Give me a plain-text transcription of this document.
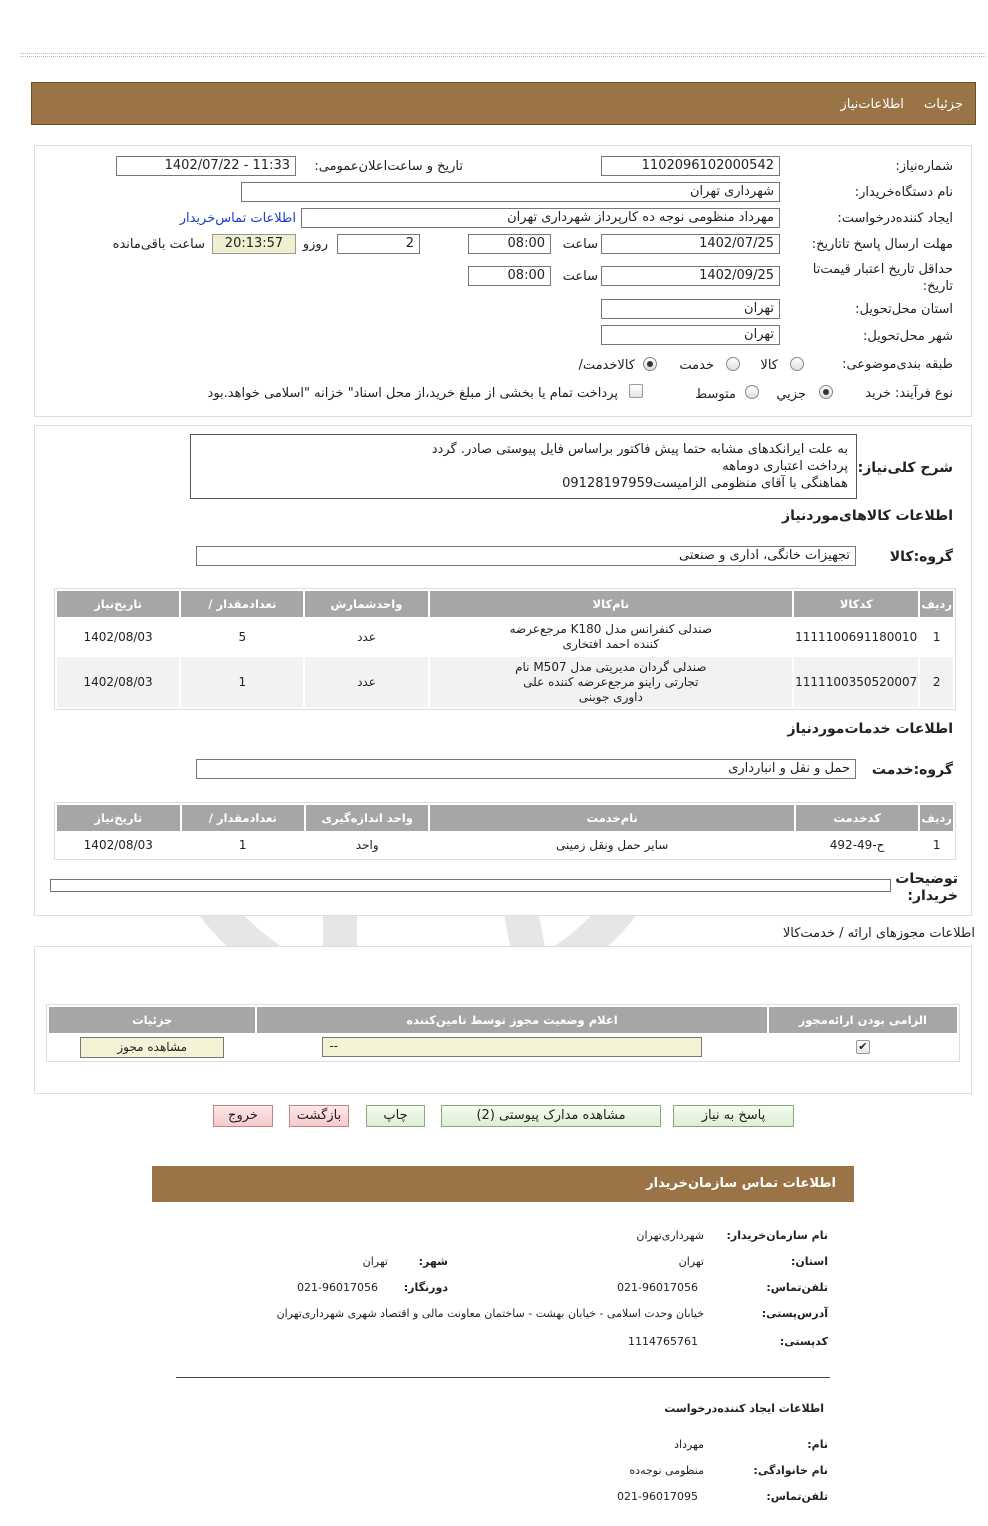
جزئیات اطلاعات‌نیاز
شماره‌نیاز:
1102096102000542
تاریخ و ساعت‌اعلان‌عمومی:
1402/07/22 - 11:33
نام دستگاه‌خریدار:
شهرداری تهران
ایجاد کننده‌درخواست:
مهرداد منظومی نوجه ده کارپرداز شهرداری تهران
اطلاعات تماس‌خریدار
مهلت ارسال پاسخ تا‌تاریخ:
1402/07/25
ساعت
08:00
2
روزو
20:13:57
ساعت باقی‌مانده
حداقل تاریخ اعتبار قیمت‌تا تاریخ:
1402/09/25
ساعت
08:00
استان محل‌تحویل:
تهران
شهر محل‌تحویل:
تهران
طبقه بندی‌موضوعی:
کالا
خدمت
کالا‌خدمت/
نوع فرآیند: خرید
جزيي
متوسط
پرداخت تمام یا بخشی از مبلغ خرید،از محل اسناد" خزانه "اسلامی خواهد.بود
شرح کلی‌نیاز:
به علت ایرانکدهای مشابه حتما پیش فاکتور براساس فایل پیوستی صادر. گردد
پرداخت اعتباری دوماهه
هماهنگی با آقای منظومی الزامیست09128197959
اطلاعات کالاهای‌موردنیاز
گروه:کالا
تجهیزات خانگی، اداری و صنعتی
ردیف	کدکالا	نام‌کالا	واحدشمارش	تعدادمقدار /	تاریخ‌نیاز
1	1111100691180010	صندلی کنفرانس مدل K180 مرجع‌عرضه کننده احمد افتخاری	عدد	5	1402/08/03
2	1111100350520007	صندلی گردان مدیریتی مدل M507 نام تجارتی راینو مرجع‌عرضه کننده علی داوری جوبنی	عدد	1	1402/08/03
اطلاعات خدمات‌موردنیاز
گروه:خدمت
حمل و نقل و انبارداری
ردیف	کدخدمت	نام‌خدمت	واحد اندازه‌گیری	تعدادمقدار /	تاریخ‌نیاز
1	ح-49-492	سایر حمل ونقل زمینی	واحد	1	1402/08/03
توضیحات خریدار:
اطلاعات مجوزهای ارائه / خدمت‌کالا
الزامی بودن ارائه‌مجوز	اعلام وضعیت مجوز توسط تامین‌کننده	جزئیات
✔	--	مشاهده مجوز
پاسخ به نیاز
مشاهده مدارک پیوستی (2)
چاپ
بازگشت
خروج
اطلاعات تماس سازمان‌خریدار
نام سازمان‌خریدار:
شهرداری‌تهران
استان:
تهران
شهر:
تهران
تلفن‌تماس:
021-96017056
دورنگار:
021-96017056
آدرس‌پستی:
خیابان وحدت اسلامی - خیابان بهشت - ساختمان معاونت مالی و اقتصاد شهری شهرداری‌تهران
کدپستی:
1114765761
اطلاعات ایجاد کننده‌درخواست
نام:
مهرداد
نام خانوادگی:
منظومی نوجه‌ده
تلفن‌تماس:
021-96017095
